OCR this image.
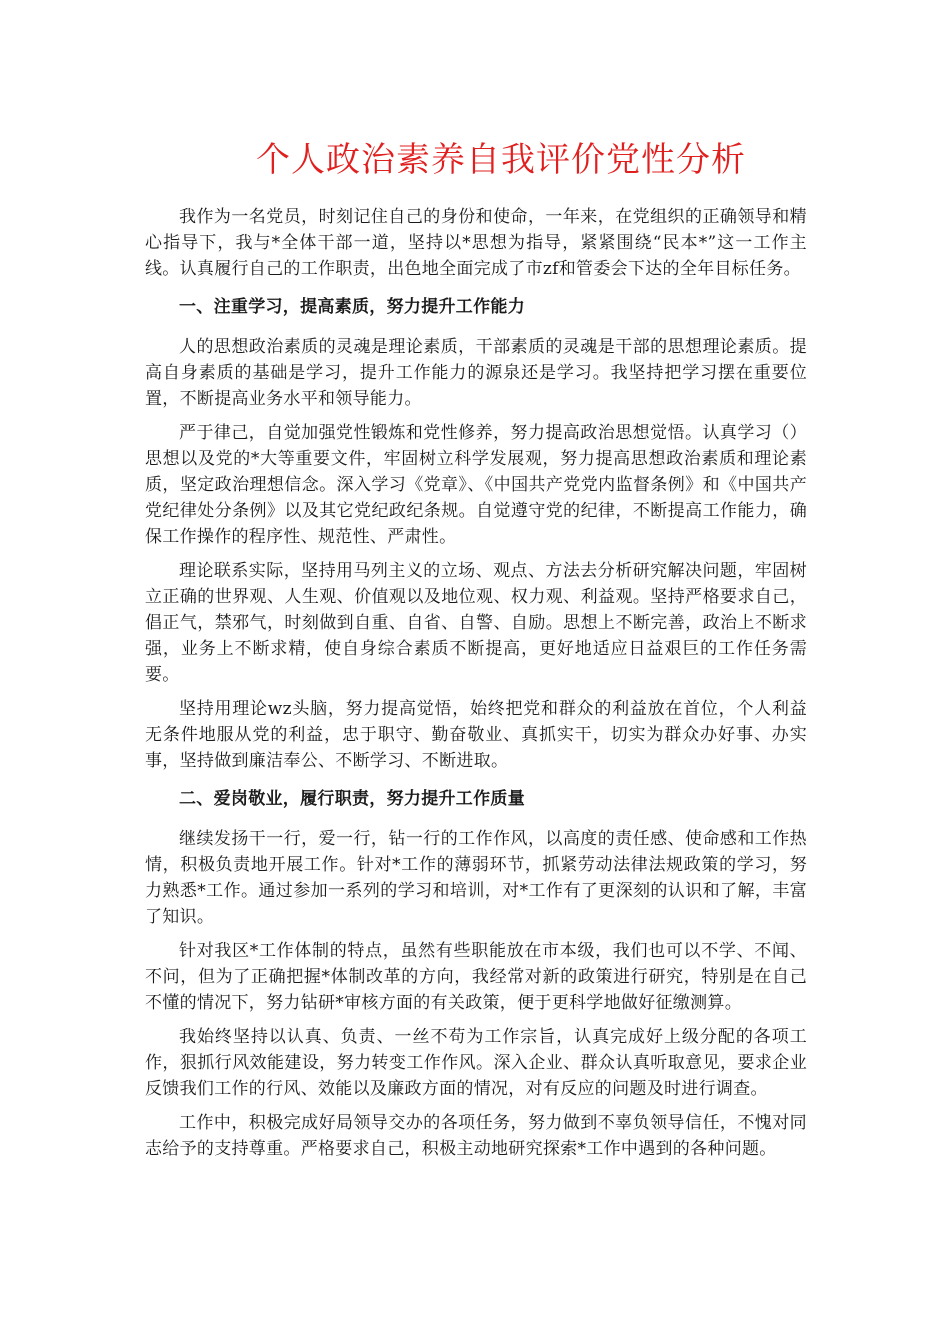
个人政治素养自我评价党性分析

我作为一名党员，时刻记住自己的身份和使命，一年来，在党组织的正确领导和精心指导下，我与*全体干部一道，坚持以*思想为指导，紧紧围绕“民本*”这一工作主线。认真履行自己的工作职责，出色地全面完成了市zf和管委会下达的全年目标任务。

一、注重学习，提高素质，努力提升工作能力

人的思想政治素质的灵魂是理论素质，干部素质的灵魂是干部的思想理论素质。提高自身素质的基础是学习，提升工作能力的源泉还是学习。我坚持把学习摆在重要位置，不断提高业务水平和领导能力。

严于律己，自觉加强党性锻炼和党性修养，努力提高政治思想觉悟。认真学习（）思想以及党的*大等重要文件，牢固树立科学发展观，努力提高思想政治素质和理论素质，坚定政治理想信念。深入学习《党章》、《中国共产党党内监督条例》和《中国共产党纪律处分条例》以及其它党纪政纪条规。自觉遵守党的纪律，不断提高工作能力，确保工作操作的程序性、规范性、严肃性。

理论联系实际，坚持用马列主义的立场、观点、方法去分析研究解决问题，牢固树立正确的世界观、人生观、价值观以及地位观、权力观、利益观。坚持严格要求自己，倡正气，禁邪气，时刻做到自重、自省、自警、自励。思想上不断完善，政治上不断求强，业务上不断求精，使自身综合素质不断提高，更好地适应日益艰巨的工作任务需要。

坚持用理论wz头脑，努力提高觉悟，始终把党和群众的利益放在首位，个人利益无条件地服从党的利益，忠于职守、勤奋敬业、真抓实干，切实为群众办好事、办实事，坚持做到廉洁奉公、不断学习、不断进取。

二、爱岗敬业，履行职责，努力提升工作质量

继续发扬干一行，爱一行，钻一行的工作作风，以高度的责任感、使命感和工作热情，积极负责地开展工作。针对*工作的薄弱环节，抓紧劳动法律法规政策的学习，努力熟悉*工作。通过参加一系列的学习和培训，对*工作有了更深刻的认识和了解，丰富了知识。

针对我区*工作体制的特点，虽然有些职能放在市本级，我们也可以不学、不闻、不问，但为了正确把握*体制改革的方向，我经常对新的政策进行研究，特别是在自己不懂的情况下，努力钻研*审核方面的有关政策，便于更科学地做好征缴测算。

我始终坚持以认真、负责、一丝不苟为工作宗旨，认真完成好上级分配的各项工作，狠抓行风效能建设，努力转变工作作风。深入企业、群众认真听取意见，要求企业反馈我们工作的行风、效能以及廉政方面的情况，对有反应的问题及时进行调查。

工作中，积极完成好局领导交办的各项任务，努力做到不辜负领导信任，不愧对同志给予的支持尊重。严格要求自己，积极主动地研究探索*工作中遇到的各种问题。
